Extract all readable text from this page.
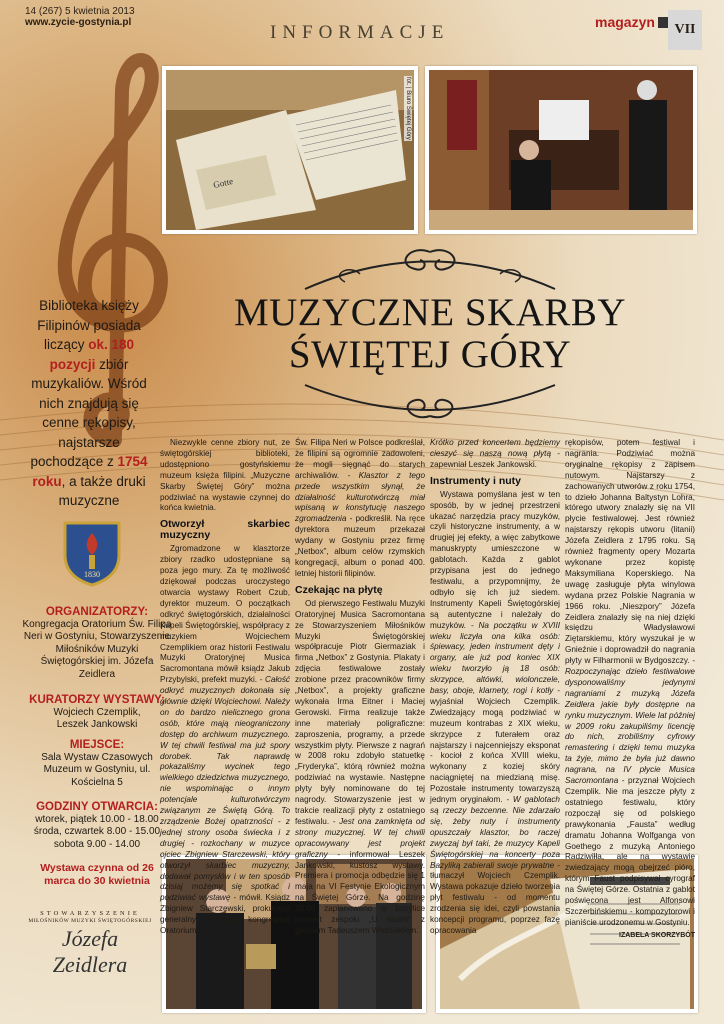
14 (267) 5 kwietnia 2013
www.zycie-gostynia.pl	INFORMACJE	magazyn	VII
Gotte
fot. | Biuro Świętej Góry
Biblioteka księży Filipinów posiada liczący ok. 180 pozycji zbiór muzykaliów. Wśród nich znajdują się cenne rękopisy, najstarsze pochodzące z 1754 roku, a także druki muzyczne
1830
ORGANIZATORZY:
Kongregacja Oratorium Św. Filipa Neri w Gostyniu, Stowarzyszenie Miłośników Muzyki Świętogórskiej im. Józefa Zeidlera
KURATORZY WYSTAWY:
Wojciech Czemplik, Leszek Jankowski
MIEJSCE:
Sala Wystaw Czasowych Muzeum w Gostyniu, ul. Kościelna 5
GODZINY OTWARCIA:
wtorek, piątek 10.00 - 18.00
środa, czwartek 8.00 - 15.00
sobota 9.00 - 14.00
Wystawa czynna od 26 marca do 30 kwietnia
STOWARZYSZENIE
MIŁOŚNIKÓW MUZYKI ŚWIĘTOGÓRSKIEJ
Józefa Zeidlera
MUZYCZNE SKARBY
ŚWIĘTEJ GÓRY

Niezwykle cenne zbiory nut, ze świętogórskiej biblioteki, udostępniono gostyńskiemu muzeum księża filipini. „Muzyczne Skarby Świętej Góry” można podziwiać na wystawie czynnej do końca kwietnia.

Otworzył skarbiec muzyczny

Zgromadzone w klasztorze zbiory rzadko udostępniane są poza jego mury. Za tę możliwość dziękował podczas uroczystego otwarcia wystawy Robert Czub, dyrektor muzeum. O początkach odkryć świętogórskich, działalności Kapeli Świętogórskiej, współpracy z muzykiem Wojciechem Czemplikiem oraz historii Festiwalu Muzyki Oratoryjnej Musica Sacromontana mówił ksiądz Jakub Przybylski, prefekt muzyki. - Całość odkryć muzycznych dokonała się głównie dzięki Wojciechowi. Należy on do bardzo nielicznego grona osób, które mają nieograniczony dostęp do archiwum muzycznego. W tej chwili festiwal ma już spory dorobek. Tak naprawdę pokazaliśmy wycinek tego wielkiego dziedzictwa muzycznego, nie wspominając o innym potencjale kulturotwórczym związanym ze Świętą Górą. To zrządzenie Bożej opatrzności - z jednej strony osoba świecka i z drugiej - rozkochany w muzyce ojciec Zbigniew Starczewski, który otworzył skarbiec muzyczny, dodawał pomysłów i w ten sposób dzisiaj możemy się spotkać i podziwiać wystawę - mówił. Ksiądz Zbigniew Starczewski, prokurator generalny federacji kongregacji Oratorium

Św. Filipa Neri w Polsce podkreślał, że filipini są ogromnie zadowoleni, że mogli sięgnąć do starych archiwaliów. - Klasztor z tego przede wszystkim słynął, że działalność kulturotwórczą miał wpisaną w konstytucję naszego zgromadzenia - podkreślił. Na ręce dyrektora muzeum przekazał wydany w Gostyniu przez firmę „Netbox”, album celów rzymskich kongregacji, album o ponad 400. letniej historii filipinów.

Czekając na płytę

Od pierwszego Festiwalu Muzyki Oratoryjnej Musica Sacromontana ze Stowarzyszeniem Miłośników Muzyki Świętogórskiej współpracuje Piotr Giermaziak i firma „Netbox” z Gostynia. Plakaty i zdjęcia festiwalowe zostały zrobione przez pracowników firmy „Netbox”, a projekty graficzne wykonała Irma Eitner i Maciej Gerowski. Firma realizuje także inne materiały poligraficzne: zaproszenia, programy, a przede wszystkim płyty. Pierwsze z nagrań w 2008 roku zdobyło statuetkę „Fryderyka”, którą również można podziwiać na wystawie. Następne płyty były nominowane do tej nagrody. Stowarzyszenie jest w trakcie realizacji płyty z ostatniego festiwalu. - Jest ona zamknięta od strony muzycznej. W tej chwili opracowywany jest projekt graficzny - informował Leszek Jankowski, kustosz wystawy. Premiera i promocja odbędzie się 1 maja na VI Festynie Ekologicznym na Świętej Górze. Na godzinę 20.00 zaplanowano w bazylice koncert zespołu „U studni” z gościem Tadeuszem Woźniakiem.

Krótko przed koncertem będziemy cieszyć się naszą nową płytą - zapewniał Leszek Jankowski.

Instrumenty i nuty

Wystawa pomyślana jest w ten sposób, by w jednej przestrzeni ukazać narzędzia pracy muzyków, czyli historyczne instrumenty, a w drugiej jej efekty, a więc zabytkowe manuskrypty umieszczone w gablotach. Każda z gablot przypisana jest do jednego festiwalu, a przypomnijmy, że odbyło się ich już siedem. Instrumenty Kapeli Świętogórskiej są autentyczne i należały do muzyków. - Na początku w XVIII wieku liczyła ona kilka osób: śpiewacy, jeden instrument dęty i organy, ale już pod koniec XIX wieku tworzyło ją 18 osób: skrzypce, altówki, wiolonczele, basy, oboje, klarnety, rogi i kotły - wyjaśniał Wojciech Czemplik. Zwiedzający mogą podziwiać w muzeum kontrabas z XIX wieku, skrzypce z futerałem oraz najstarszy i najcenniejszy eksponat - kocioł z końca XVIII wieku, wykonany z koziej skóry naciągniętej na miedzianą misę. Pozostałe instrumenty towarzyszą jednym oryginałom. - W gablotach są rzeczy bezcenne. Nie zdarzało się, żeby nuty i instrumenty opuszczały klasztor, bo raczej zwyczaj był taki, że muzycy Kapeli Świętogórskiej na koncerty poza Bazyliką zabierali swoje prywatne - tłumaczył Wojciech Czemplik. Wystawa pokazuje dzieło tworzenia płyt festiwalu - od momentu zrodzenia się idei, czyli powstania koncepcji programu, poprzez fazę opracowania

rękopisów, potem festiwal i nagrania. Podziwiać można oryginalne rękopisy z zapisem nutowym. Najstarszy z zachowanych utworów z roku 1754, to dzieło Johanna Baltystyn Lohra, którego utwory znalazły się na VII płycie festiwalowej. Jest również najstarszy rękopis utworu (litanii) Józefa Zeidlera z 1795 roku. Są również fragmenty opery Mozarta wykonane przez kopistę Maksymiliana Koperskiego. Na uwagę zasługuje płyta winylowa wydana przez Polskie Nagrania w 1966 roku. „Nieszpory” Józefa Zeidlera znalazły się na niej dzięki księdzu Władysławowi Ziętarskiemu, który wyszukał je w Gnieźnie i doprowadził do nagrania płyty w Filharmonii w Bydgoszczy. - Rozpoczynając dzieło festiwalowe dysponowaliśmy jedynymi nagraniami z muzyką Józefa Zeidlera jakie były dostępne na rynku muzycznym. Wiele lat później w 2009 roku zakupiliśmy licencję do nich, zrobiliśmy cyfrowy remastering i dzięki temu muzyka ta żyje, mimo że była już dawno nagrana, na IV płycie Musica Sacromontana - przyznał Wojciech Czemplik. Nie ma jeszcze płyty z ostatniego festiwalu, który rozpoczął się od polskiego prawykonania „Fausta” według dramatu Johanna Wolfganga von Goethego z muzyką Antoniego Radziwiłła, ale na wystawie zwiedzający mogą obejrzeć pióro, którym Faust podpisywał cyrograf na Świętej Górze. Ostatnia z gablot poświęcona jest Alfonsowi Szczerbińskiemu - kompozytorowi i pianiście urodzonemu w Gostyniu.

IZABELA SKORZYBÓT
